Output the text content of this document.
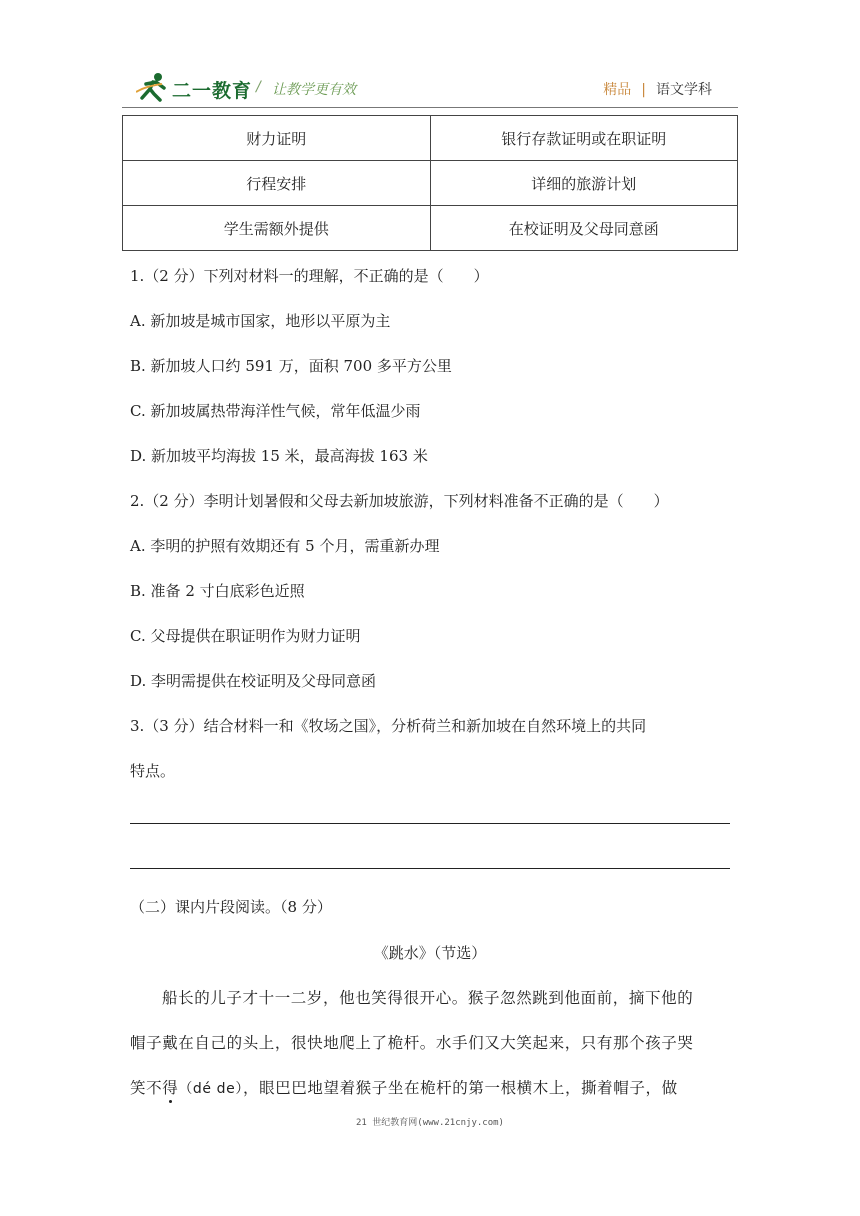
二一教育 / 让教学更有效	精品 | 语文学科
财力证明	银行存款证明或在职证明
行程安排	详细的旅游计划
学生需额外提供	在校证明及父母同意函
1.（2 分）下列对材料一的理解，不正确的是（　　）
A. 新加坡是城市国家，地形以平原为主
B. 新加坡人口约 591 万，面积 700 多平方公里
C. 新加坡属热带海洋性气候，常年低温少雨
D. 新加坡平均海拔 15 米，最高海拔 163 米
2.（2 分）李明计划暑假和父母去新加坡旅游，下列材料准备不正确的是（　　）
A. 李明的护照有效期还有 5 个月，需重新办理
B. 准备 2 寸白底彩色近照
C. 父母提供在职证明作为财力证明
D. 李明需提供在校证明及父母同意函
3.（3 分）结合材料一和《牧场之国》，分析荷兰和新加坡在自然环境上的共同
特点。
（二）课内片段阅读。（8 分）
《跳水》（节选）
船长的儿子才十一二岁，他也笑得很开心。猴子忽然跳到他面前，摘下他的
帽子戴在自己的头上，很快地爬上了桅杆。水手们又大笑起来，只有那个孩子哭
笑不得（dé de），眼巴巴地望着猴子坐在桅杆的第一根横木上，撕着帽子，做
21 世纪教育网(www.21cnjy.com)
